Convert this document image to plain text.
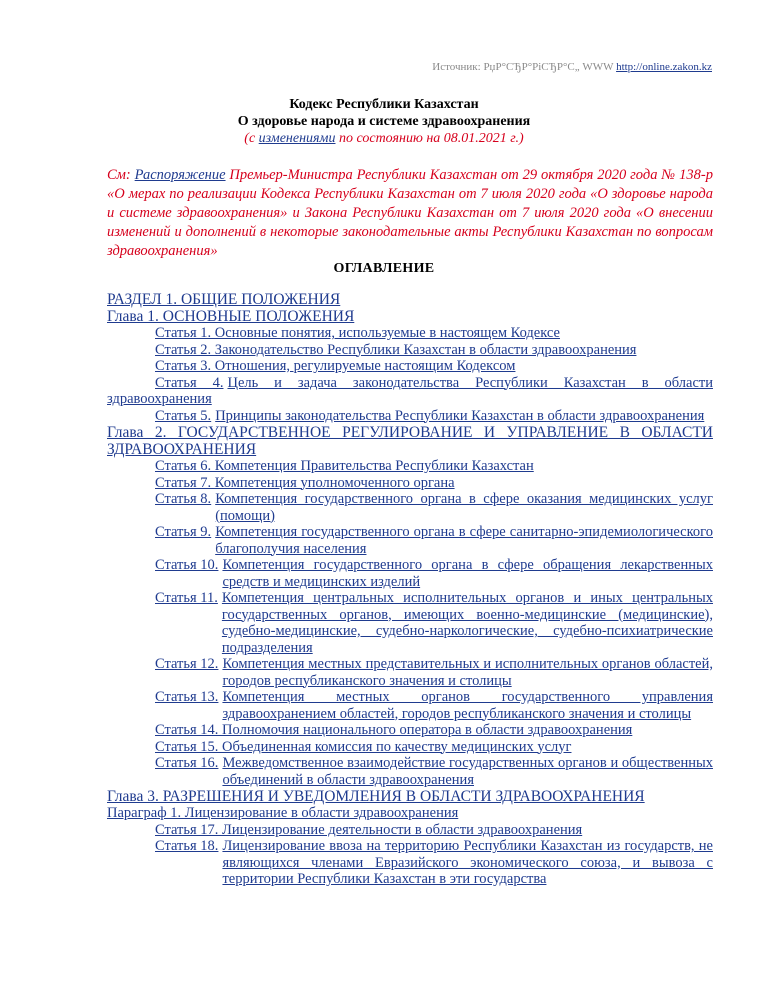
Источник: РџР°СЂР°РіСЂР°С„ WWW http://online.zakon.kz
Кодекс Республики Казахстан
О здоровье народа и системе здравоохранения
(с изменениями по состоянию на 08.01.2021 г.)
См: Распоряжение Премьер-Министра Республики Казахстан от 29 октября 2020 года № 138-р «О мерах по реализации Кодекса Республики Казахстан от 7 июля 2020 года «О здоровье народа и системе здравоохранения» и Закона Республики Казахстан от 7 июля 2020 года «О внесении изменений и дополнений в некоторые законодательные акты Республики Казахстан по вопросам здравоохранения»
ОГЛАВЛЕНИЕ
РАЗДЕЛ 1. ОБЩИЕ ПОЛОЖЕНИЯ
Глава 1. ОСНОВНЫЕ ПОЛОЖЕНИЯ
Статья 1. Основные понятия, используемые в настоящем Кодексе
Статья 2. Законодательство Республики Казахстан в области здравоохранения
Статья 3. Отношения, регулируемые настоящим Кодексом
Статья 4. Цель и задача законодательства Республики Казахстан в области здравоохранения
Статья 5. Принципы законодательства Республики Казахстан в области здравоохранения
Глава 2. ГОСУДАРСТВЕННОЕ РЕГУЛИРОВАНИЕ И УПРАВЛЕНИЕ В ОБЛАСТИ ЗДРАВООХРАНЕНИЯ
Статья 6. Компетенция Правительства Республики Казахстан
Статья 7. Компетенция уполномоченного органа
Статья 8. Компетенция государственного органа в сфере оказания медицинских услуг (помощи)
Статья 9. Компетенция государственного органа в сфере санитарно-эпидемиологического благополучия населения
Статья 10. Компетенция государственного органа в сфере обращения лекарственных средств и медицинских изделий
Статья 11. Компетенция центральных исполнительных органов и иных центральных государственных органов, имеющих военно-медицинские (медицинские), судебно-медицинские, судебно-наркологические, судебно-психиатрические подразделения
Статья 12. Компетенция местных представительных и исполнительных органов областей, городов республиканского значения и столицы
Статья 13. Компетенция местных органов государственного управления здравоохранением областей, городов республиканского значения и столицы
Статья 14. Полномочия национального оператора в области здравоохранения
Статья 15. Объединенная комиссия по качеству медицинских услуг
Статья 16. Межведомственное взаимодействие государственных органов и общественных объединений в области здравоохранения
Глава 3. РАЗРЕШЕНИЯ И УВЕДОМЛЕНИЯ В ОБЛАСТИ ЗДРАВООХРАНЕНИЯ
Параграф 1. Лицензирование в области здравоохранения
Статья 17. Лицензирование деятельности в области здравоохранения
Статья 18. Лицензирование ввоза на территорию Республики Казахстан из государств, не являющихся членами Евразийского экономического союза, и вывоза с территории Республики Казахстан в эти государства
